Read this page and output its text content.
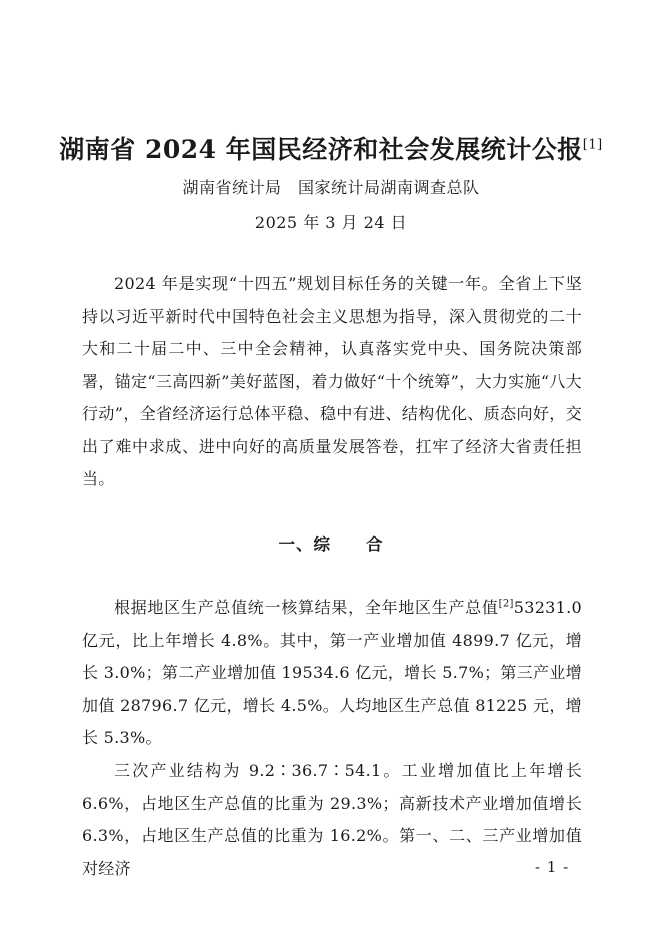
湖南省 2024 年国民经济和社会发展统计公报[1]
湖南省统计局　国家统计局湖南调查总队
2025 年 3 月 24 日

2024 年是实现“十四五”规划目标任务的关键一年。全省上下坚持以习近平新时代中国特色社会主义思想为指导，深入贯彻党的二十大和二十届二中、三中全会精神，认真落实党中央、国务院决策部署，锚定“三高四新”美好蓝图，着力做好“十个统筹”，大力实施“八大行动”，全省经济运行总体平稳、稳中有进、结构优化、质态向好，交出了难中求成、进中向好的高质量发展答卷，扛牢了经济大省责任担当。

一、综　　合

根据地区生产总值统一核算结果，全年地区生产总值[2]53231.0 亿元，比上年增长 4.8%。其中，第一产业增加值 4899.7 亿元，增长 3.0%；第二产业增加值 19534.6 亿元，增长 5.7%；第三产业增加值 28796.7 亿元，增长 4.5%。人均地区生产总值 81225 元，增长 5.3%。

三次产业结构为 9.2∶36.7∶54.1。工业增加值比上年增长 6.6%，占地区生产总值的比重为 29.3%；高新技术产业增加值增长 6.3%，占地区生产总值的比重为 16.2%。第一、二、三产业增加值对经济	- 1 -
